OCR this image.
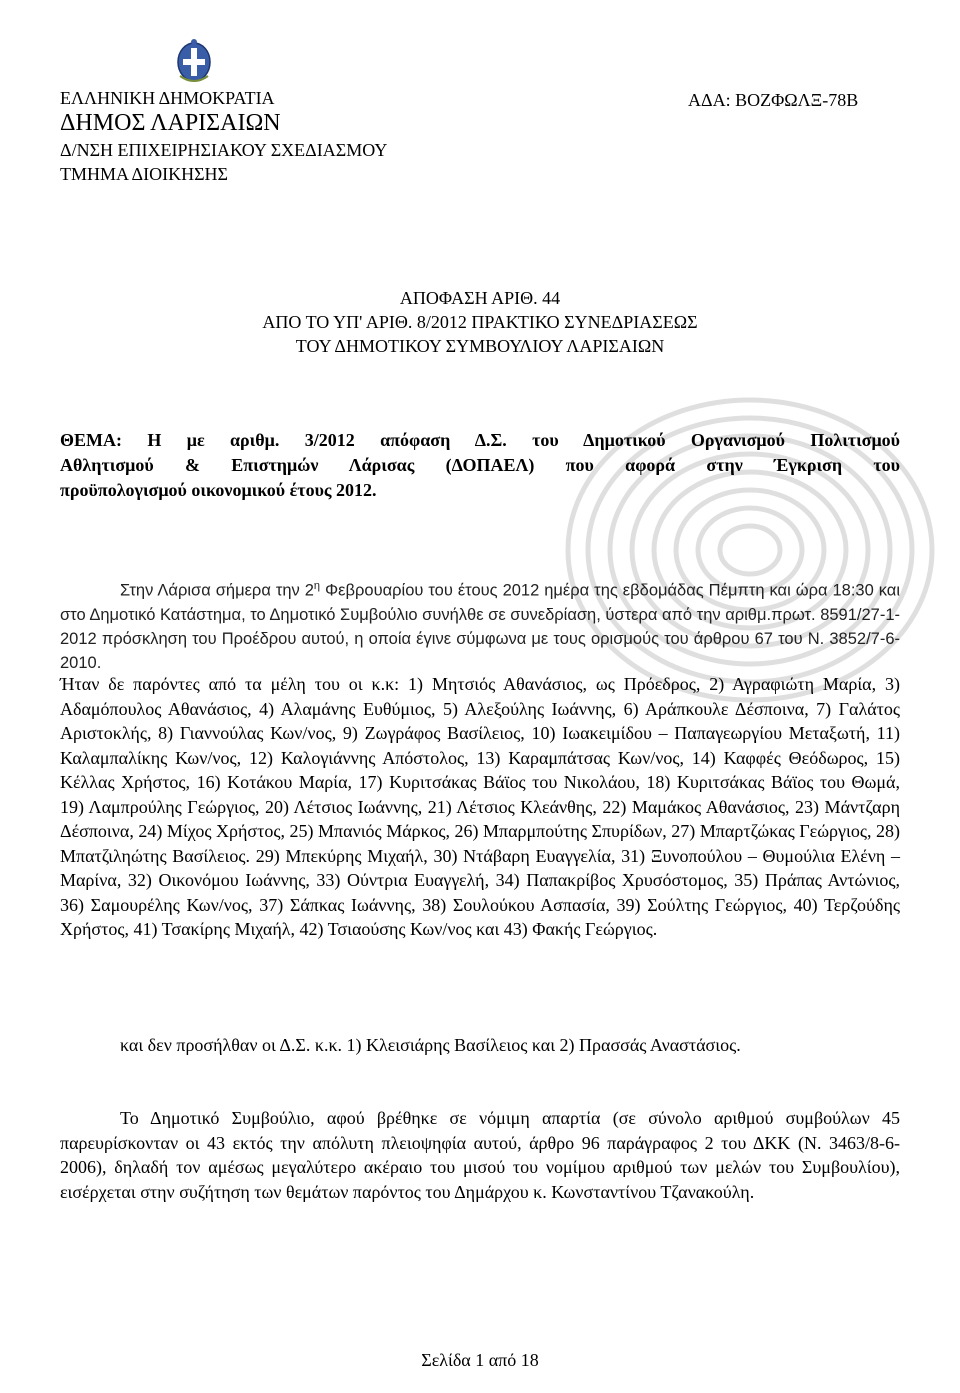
ΕΛΛΗΝΙΚΗ ΔΗΜΟΚΡΑΤΙΑ
ΔΗΜΟΣ ΛΑΡΙΣΑΙΩΝ
Δ/ΝΣΗ ΕΠΙΧΕΙΡΗΣΙΑΚΟΥ ΣΧΕΔΙΑΣΜΟΥ
ΤΜΗΜΑ ΔΙΟΙΚΗΣΗΣ
ΑΔΑ: ΒΟΖΦΩΛΞ-78Β
ΑΠΟΦΑΣΗ ΑΡΙΘ. 44
ΑΠΟ ΤΟ ΥΠ' ΑΡΙΘ. 8/2012 ΠΡΑΚΤΙΚΟ ΣΥΝΕΔΡΙΑΣΕΩΣ
ΤΟΥ ΔΗΜΟΤΙΚΟΥ ΣΥΜΒΟΥΛΙΟΥ ΛΑΡΙΣΑΙΩΝ

ΘΕΜΑ: Η με αριθμ. 3/2012 απόφαση Δ.Σ. του Δημοτικού Οργανισμού Πολιτισμού

Αθλητισμού & Επιστημών Λάρισας (ΔΟΠΑΕΛ) που αφορά στην Έγκριση του

προϋπολογισμού οικονομικού έτους 2012.

Στην Λάρισα σήμερα την $2^\eta$ Φεβρουαρίου του έτους 2012 ημέρα της εβδομάδας Πέμπτη και ώρα 18:30 και στο Δημοτικό Κατάστημα, το Δημοτικό Συμβούλιο συνήλθε σε συνεδρίαση, ύστερα από την αριθμ.πρωτ. 8591/27-1-2012 πρόσκληση του Προέδρου αυτού, η οποία έγινε σύμφωνα με τους ορισμούς του άρθρου 67 του Ν. 3852/7-6-2010.

Ήταν δε παρόντες από τα μέλη του οι κ.κ: 1) Μητσιός Αθανάσιος, ως Πρόεδρος, 2) Αγραφιώτη Μαρία, 3) Αδαμόπουλος Αθανάσιος, 4) Αλαμάνης Ευθύμιος, 5) Αλεξούλης Ιωάννης, 6) Αράπκουλε Δέσποινα, 7) Γαλάτος Αριστοκλής, 8) Γιαννούλας Κων/νος, 9) Ζωγράφος Βασίλειος, 10) Ιωακειμίδου – Παπαγεωργίου Μεταξωτή, 11) Καλαμπαλίκης Κων/νος, 12) Καλογιάννης Απόστολος, 13) Καραμπάτσας Κων/νος, 14) Καφφές Θεόδωρος, 15) Κέλλας Χρήστος, 16) Κοτάκου Μαρία, 17) Κυριτσάκας Βάϊος του Νικολάου, 18) Κυριτσάκας Βάϊος του Θωμά, 19) Λαμπρούλης Γεώργιος, 20) Λέτσιος Ιωάννης, 21) Λέτσιος Κλεάνθης, 22) Μαμάκος Αθανάσιος, 23) Μάντζαρη Δέσποινα, 24) Μίχος Χρήστος, 25) Μπανιός Μάρκος, 26) Μπαρμπούτης Σπυρίδων, 27) Μπαρτζώκας Γεώργιος, 28) Μπατζιληώτης Βασίλειος. 29) Μπεκύρης Μιχαήλ, 30) Ντάβαρη Ευαγγελία, 31) Ξυνοπούλου – Θυμούλια Ελένη – Μαρίνα, 32) Οικονόμου Ιωάννης, 33) Ούντρια Ευαγγελή, 34) Παπακρίβος Χρυσόστομος, 35) Πράπας Αντώνιος, 36) Σαμουρέλης Κων/νος, 37) Σάπκας Ιωάννης, 38) Σουλούκου Ασπασία, 39) Σούλτης Γεώργιος, 40) Τερζούδης Χρήστος, 41) Τσακίρης Μιχαήλ, 42) Τσιαούσης Κων/νος και 43) Φακής Γεώργιος.

και δεν προσήλθαν οι Δ.Σ. κ.κ. 1) Κλεισιάρης Βασίλειος και 2) Πρασσάς Αναστάσιος.
Το Δημοτικό Συμβούλιο, αφού βρέθηκε σε νόμιμη απαρτία (σε σύνολο αριθμού συμβούλων 45 παρευρίσκονταν οι 43 εκτός την απόλυτη πλειοψηφία αυτού, άρθρο 96 παράγραφος 2 του ΔΚΚ (Ν. 3463/8-6-2006), δηλαδή τον αμέσως μεγαλύτερο ακέραιο του μισού του νομίμου αριθμού των μελών του Συμβουλίου), εισέρχεται στην συζήτηση των θεμάτων παρόντος του Δημάρχου κ. Κωνσταντίνου Τζανακούλη.
Σελίδα 1 από 18
